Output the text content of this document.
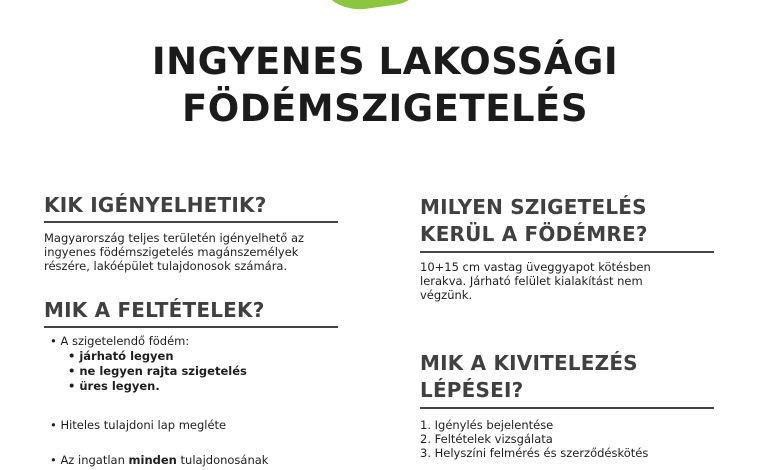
INGYENES LAKOSSÁGI
FÖDÉMSZIGETELÉS
KIK IGÉNYELHETIK?
Magyarország teljes területén igényelhető az
ingyenes födémszigetelés magánszemélyek
részére, lakóépület tulajdonosok számára.
MIK A FELTÉTELEK?
• A szigetelendő födém:
• járható legyen
• ne legyen rajta szigetelés
• üres legyen.
• Hiteles tulajdoni lap megléte
• Az ingatlan minden tulajdonosának
MILYEN SZIGETELÉS
KERÜL A FÖDÉMRE?
10+15 cm vastag üveggyapot kötésben
lerakva. Járható felület kialakítást nem
végzünk.
MIK A KIVITELEZÉS
LÉPÉSEI?
1. Igénylés bejelentése
2. Feltételek vizsgálata
3. Helyszíni felmérés és szerződéskötés
